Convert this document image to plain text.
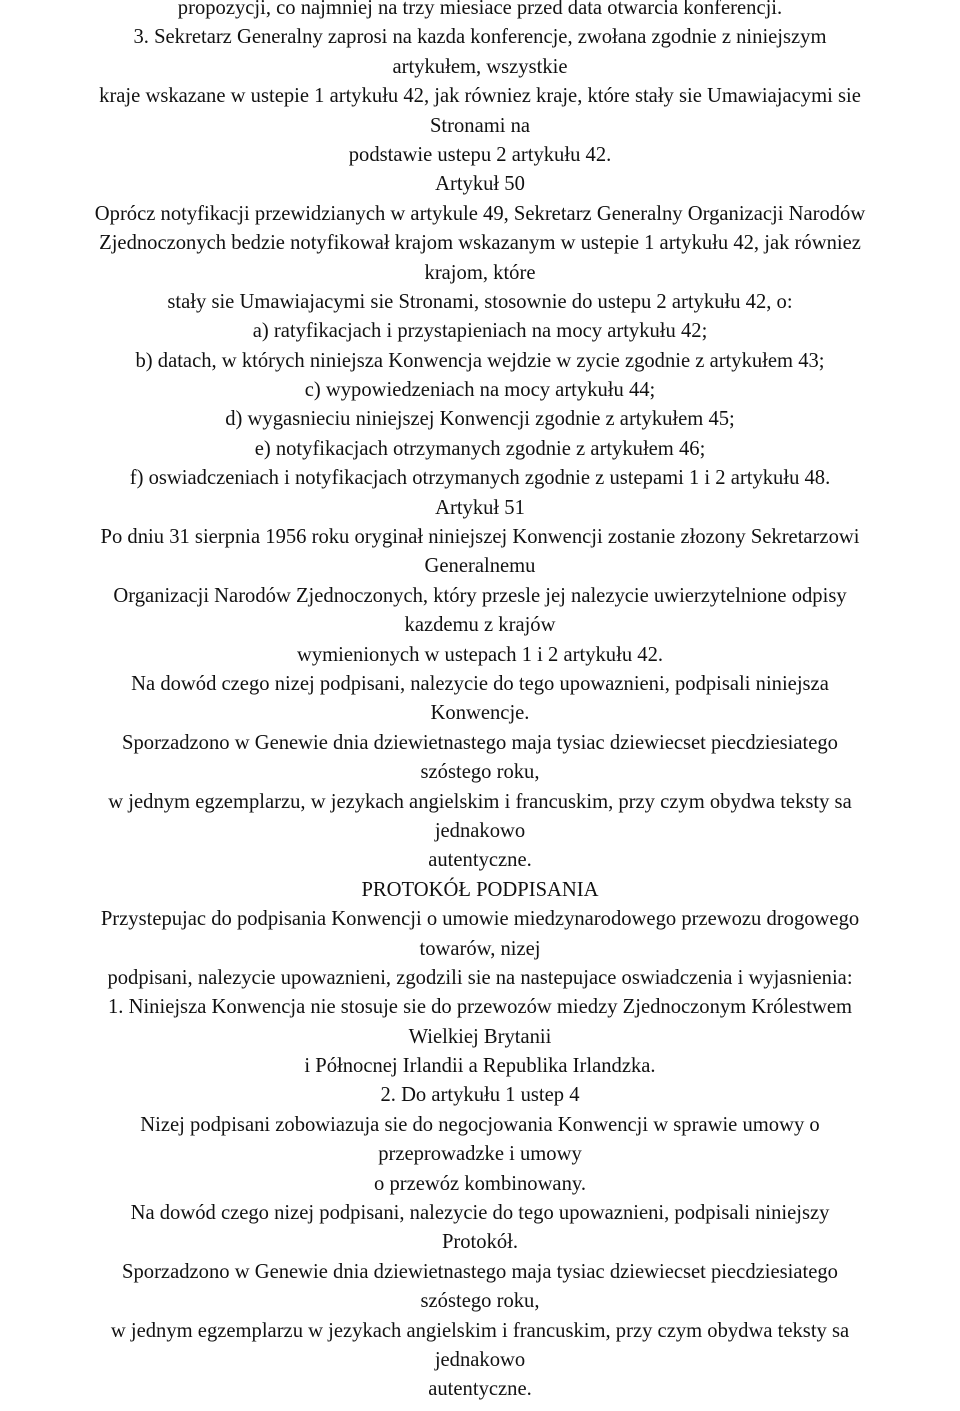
propozycji, co najmniej na trzy miesiace przed data otwarcia konferencji.
3. Sekretarz Generalny zaprosi na kazda konferencje, zwołana zgodnie z niniejszym
artykułem, wszystkie
kraje wskazane w ustepie 1 artykułu 42, jak równiez kraje, które stały sie Umawiajacymi sie
Stronami na
podstawie ustepu 2 artykułu 42.
Artykuł 50
Oprócz notyfikacji przewidzianych w artykule 49, Sekretarz Generalny Organizacji Narodów
Zjednoczonych bedzie notyfikował krajom wskazanym w ustepie 1 artykułu 42, jak równiez
krajom, które
stały sie Umawiajacymi sie Stronami, stosownie do ustepu 2 artykułu 42, o:
a) ratyfikacjach i przystapieniach na mocy artykułu 42;
b) datach, w których niniejsza Konwencja wejdzie w zycie zgodnie z artykułem 43;
c) wypowiedzeniach na mocy artykułu 44;
d) wygasnieciu niniejszej Konwencji zgodnie z artykułem 45;
e) notyfikacjach otrzymanych zgodnie z artykułem 46;
f) oswiadczeniach i notyfikacjach otrzymanych zgodnie z ustepami 1 i 2 artykułu 48.
Artykuł 51
Po dniu 31 sierpnia 1956 roku oryginał niniejszej Konwencji zostanie złozony Sekretarzowi
Generalnemu
Organizacji Narodów Zjednoczonych, który przesle jej nalezycie uwierzytelnione odpisy
kazdemu z krajów
wymienionych w ustepach 1 i 2 artykułu 42.
Na dowód czego nizej podpisani, nalezycie do tego upowaznieni, podpisali niniejsza
Konwencje.
Sporzadzono w Genewie dnia dziewietnastego maja tysiac dziewiecset piecdziesiatego
szóstego roku,
w jednym egzemplarzu, w jezykach angielskim i francuskim, przy czym obydwa teksty sa
jednakowo
autentyczne.
PROTOKÓŁ PODPISANIA
Przystepujac do podpisania Konwencji o umowie miedzynarodowego przewozu drogowego
towarów, nizej
podpisani, nalezycie upowaznieni, zgodzili sie na nastepujace oswiadczenia i wyjasnienia:
1. Niniejsza Konwencja nie stosuje sie do przewozów miedzy Zjednoczonym Królestwem
Wielkiej Brytanii
i Północnej Irlandii a Republika Irlandzka.
2. Do artykułu 1 ustep 4
Nizej podpisani zobowiazuja sie do negocjowania Konwencji w sprawie umowy o
przeprowadzke i umowy
o przewóz kombinowany.
Na dowód czego nizej podpisani, nalezycie do tego upowaznieni, podpisali niniejszy
Protokół.
Sporzadzono w Genewie dnia dziewietnastego maja tysiac dziewiecset piecdziesiatego
szóstego roku,
w jednym egzemplarzu w jezykach angielskim i francuskim, przy czym obydwa teksty sa
jednakowo
autentyczne.
